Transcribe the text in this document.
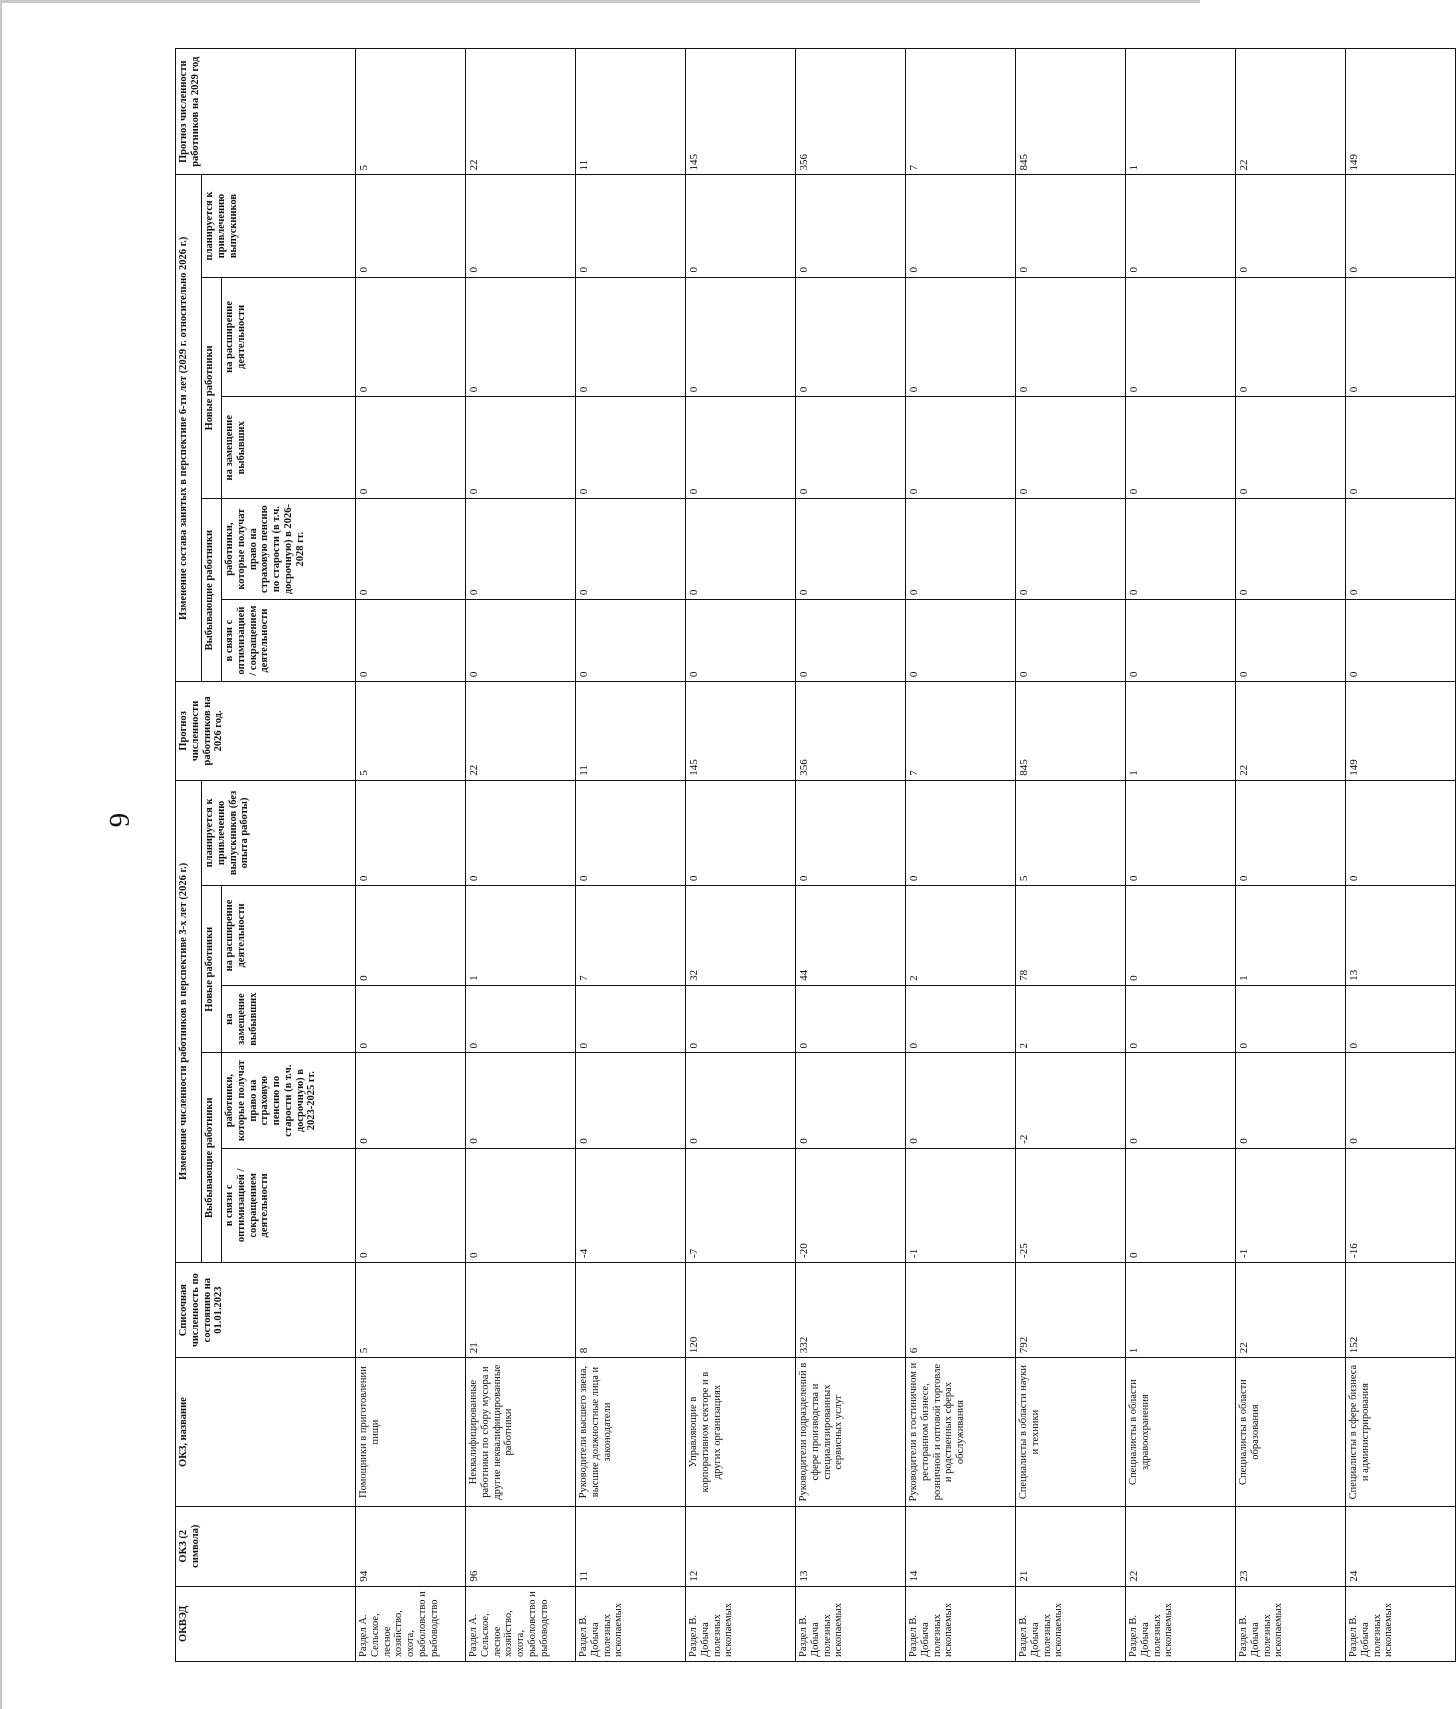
6
ОКВЭД	ОКЗ (2 символа)	ОКЗ, название	Списочная численность по состоянию на 01.01.2023	Изменение численности работников в перспективе 3-х лет (2026 г.)					Прогноз численности работников на 2026 год.	Изменение состава занятых в перспективе 6-ти лет (2029 г. относительно 2026 г.)					Прогноз численности работников на 2029 год
				Выбывающие работники		Новые работники		планируется к привлечению выпускников (без опыта работы)		Выбывающие работники		Новые работники		планируется к привлечению выпускников	
				в связи с оптимизацией / сокращением деятельности	работники, которые получат право на страховую пенсию по старости (в т.ч. досрочную) в 2023-2025 гг.	на замещение выбывших	на расширение деятельности			в связи с оптимизацией / сокращением деятельности	работники, которые получат право на страховую пенсию по старости (в т.ч. досрочную) в 2026-2028 гг.	на замещение выбывших	на расширение деятельности		
Раздел А. Сельское, лесное хозяйство, охота, рыболовство и рыбоводство	94	Помощники в приготовлении пищи	5	0	0	0	0	0	5	0	0	0	0	0	5
Раздел А. Сельское, лесное хозяйство, охота, рыболовство и рыбоводство	96	Неквалифицированные работники по сбору мусора и другие неквалифицированные работники	21	0	0	0	1	0	22	0	0	0	0	0	22
Раздел В. Добыча полезных ископаемых	11	Руководители высшего звена, высшие должностные лица и законодатели	8	-4	0	0	7	0	11	0	0	0	0	0	11
Раздел В. Добыча полезных ископаемых	12	Управляющие в корпоративном секторе и в других организациях	120	-7	0	0	32	0	145	0	0	0	0	0	145
Раздел В. Добыча полезных ископаемых	13	Руководители подразделений в сфере производства и специализированных сервисных услуг	332	-20	0	0	44	0	356	0	0	0	0	0	356
Раздел В. Добыча полезных ископаемых	14	Руководители в гостиничном и ресторанном бизнесе, розничной и оптовой торговле и родственных сферах обслуживания	6	-1	0	0	2	0	7	0	0	0	0	0	7
Раздел В. Добыча полезных ископаемых	21	Специалисты в области науки и техники	792	-25	-2	2	78	5	845	0	0	0	0	0	845
Раздел В. Добыча полезных ископаемых	22	Специалисты в области здравоохранения	1	0	0	0	0	0	1	0	0	0	0	0	1
Раздел В. Добыча полезных ископаемых	23	Специалисты в области образования	22	-1	0	0	1	0	22	0	0	0	0	0	22
Раздел В. Добыча полезных ископаемых	24	Специалисты в сфере бизнеса и администрирования	152	-16	0	0	13	0	149	0	0	0	0	0	149
